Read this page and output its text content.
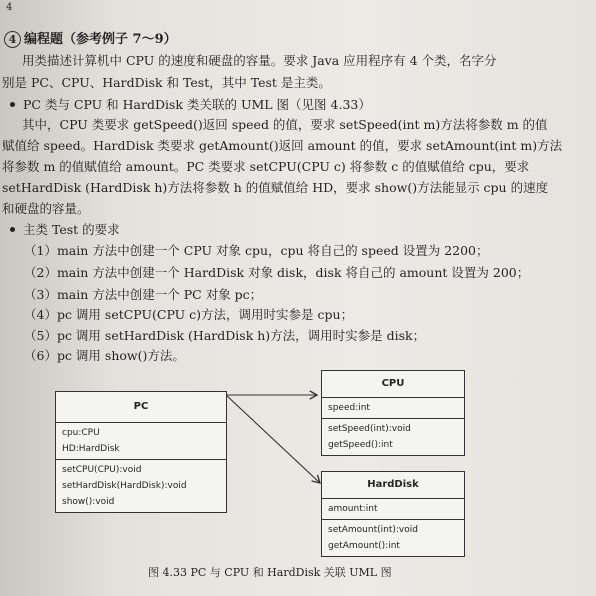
4
4 编程题（参考例子 7～9）
用类描述计算机中 CPU 的速度和硬盘的容量。要求 Java 应用程序有 4 个类，名字分
别是 PC、CPU、HardDisk 和 Test，其中 Test 是主类。
PC 类与 CPU 和 HardDisk 类关联的 UML 图（见图 4.33）
其中，CPU 类要求 getSpeed()返回 speed 的值，要求 setSpeed(int m)方法将参数 m 的值
赋值给 speed。HardDisk 类要求 getAmount()返回 amount 的值，要求 setAmount(int m)方法
将参数 m 的值赋值给 amount。PC 类要求 setCPU(CPU c) 将参数 c 的值赋值给 cpu，要求
setHardDisk (HardDisk h)方法将参数 h 的值赋值给 HD，要求 show()方法能显示 cpu 的速度
和硬盘的容量。
主类 Test 的要求
（1）main 方法中创建一个 CPU 对象 cpu，cpu 将自己的 speed 设置为 2200；
（2）main 方法中创建一个 HardDisk 对象 disk，disk 将自己的 amount 设置为 200；
（3）main 方法中创建一个 PC 对象 pc；
（4）pc 调用 setCPU(CPU c)方法，调用时实参是 cpu；
（5）pc 调用 setHardDisk (HardDisk h)方法，调用时实参是 disk；
（6）pc 调用 show()方法。
PC
cpu:CPU
HD:HardDisk
setCPU(CPU):void
setHardDisk(HardDisk):void
show():void
CPU
speed:int
setSpeed(int):void
getSpeed():int
HardDisk
amount:int
setAmount(int):void
getAmount():int
图 4.33 PC 与 CPU 和 HardDisk 关联 UML 图
